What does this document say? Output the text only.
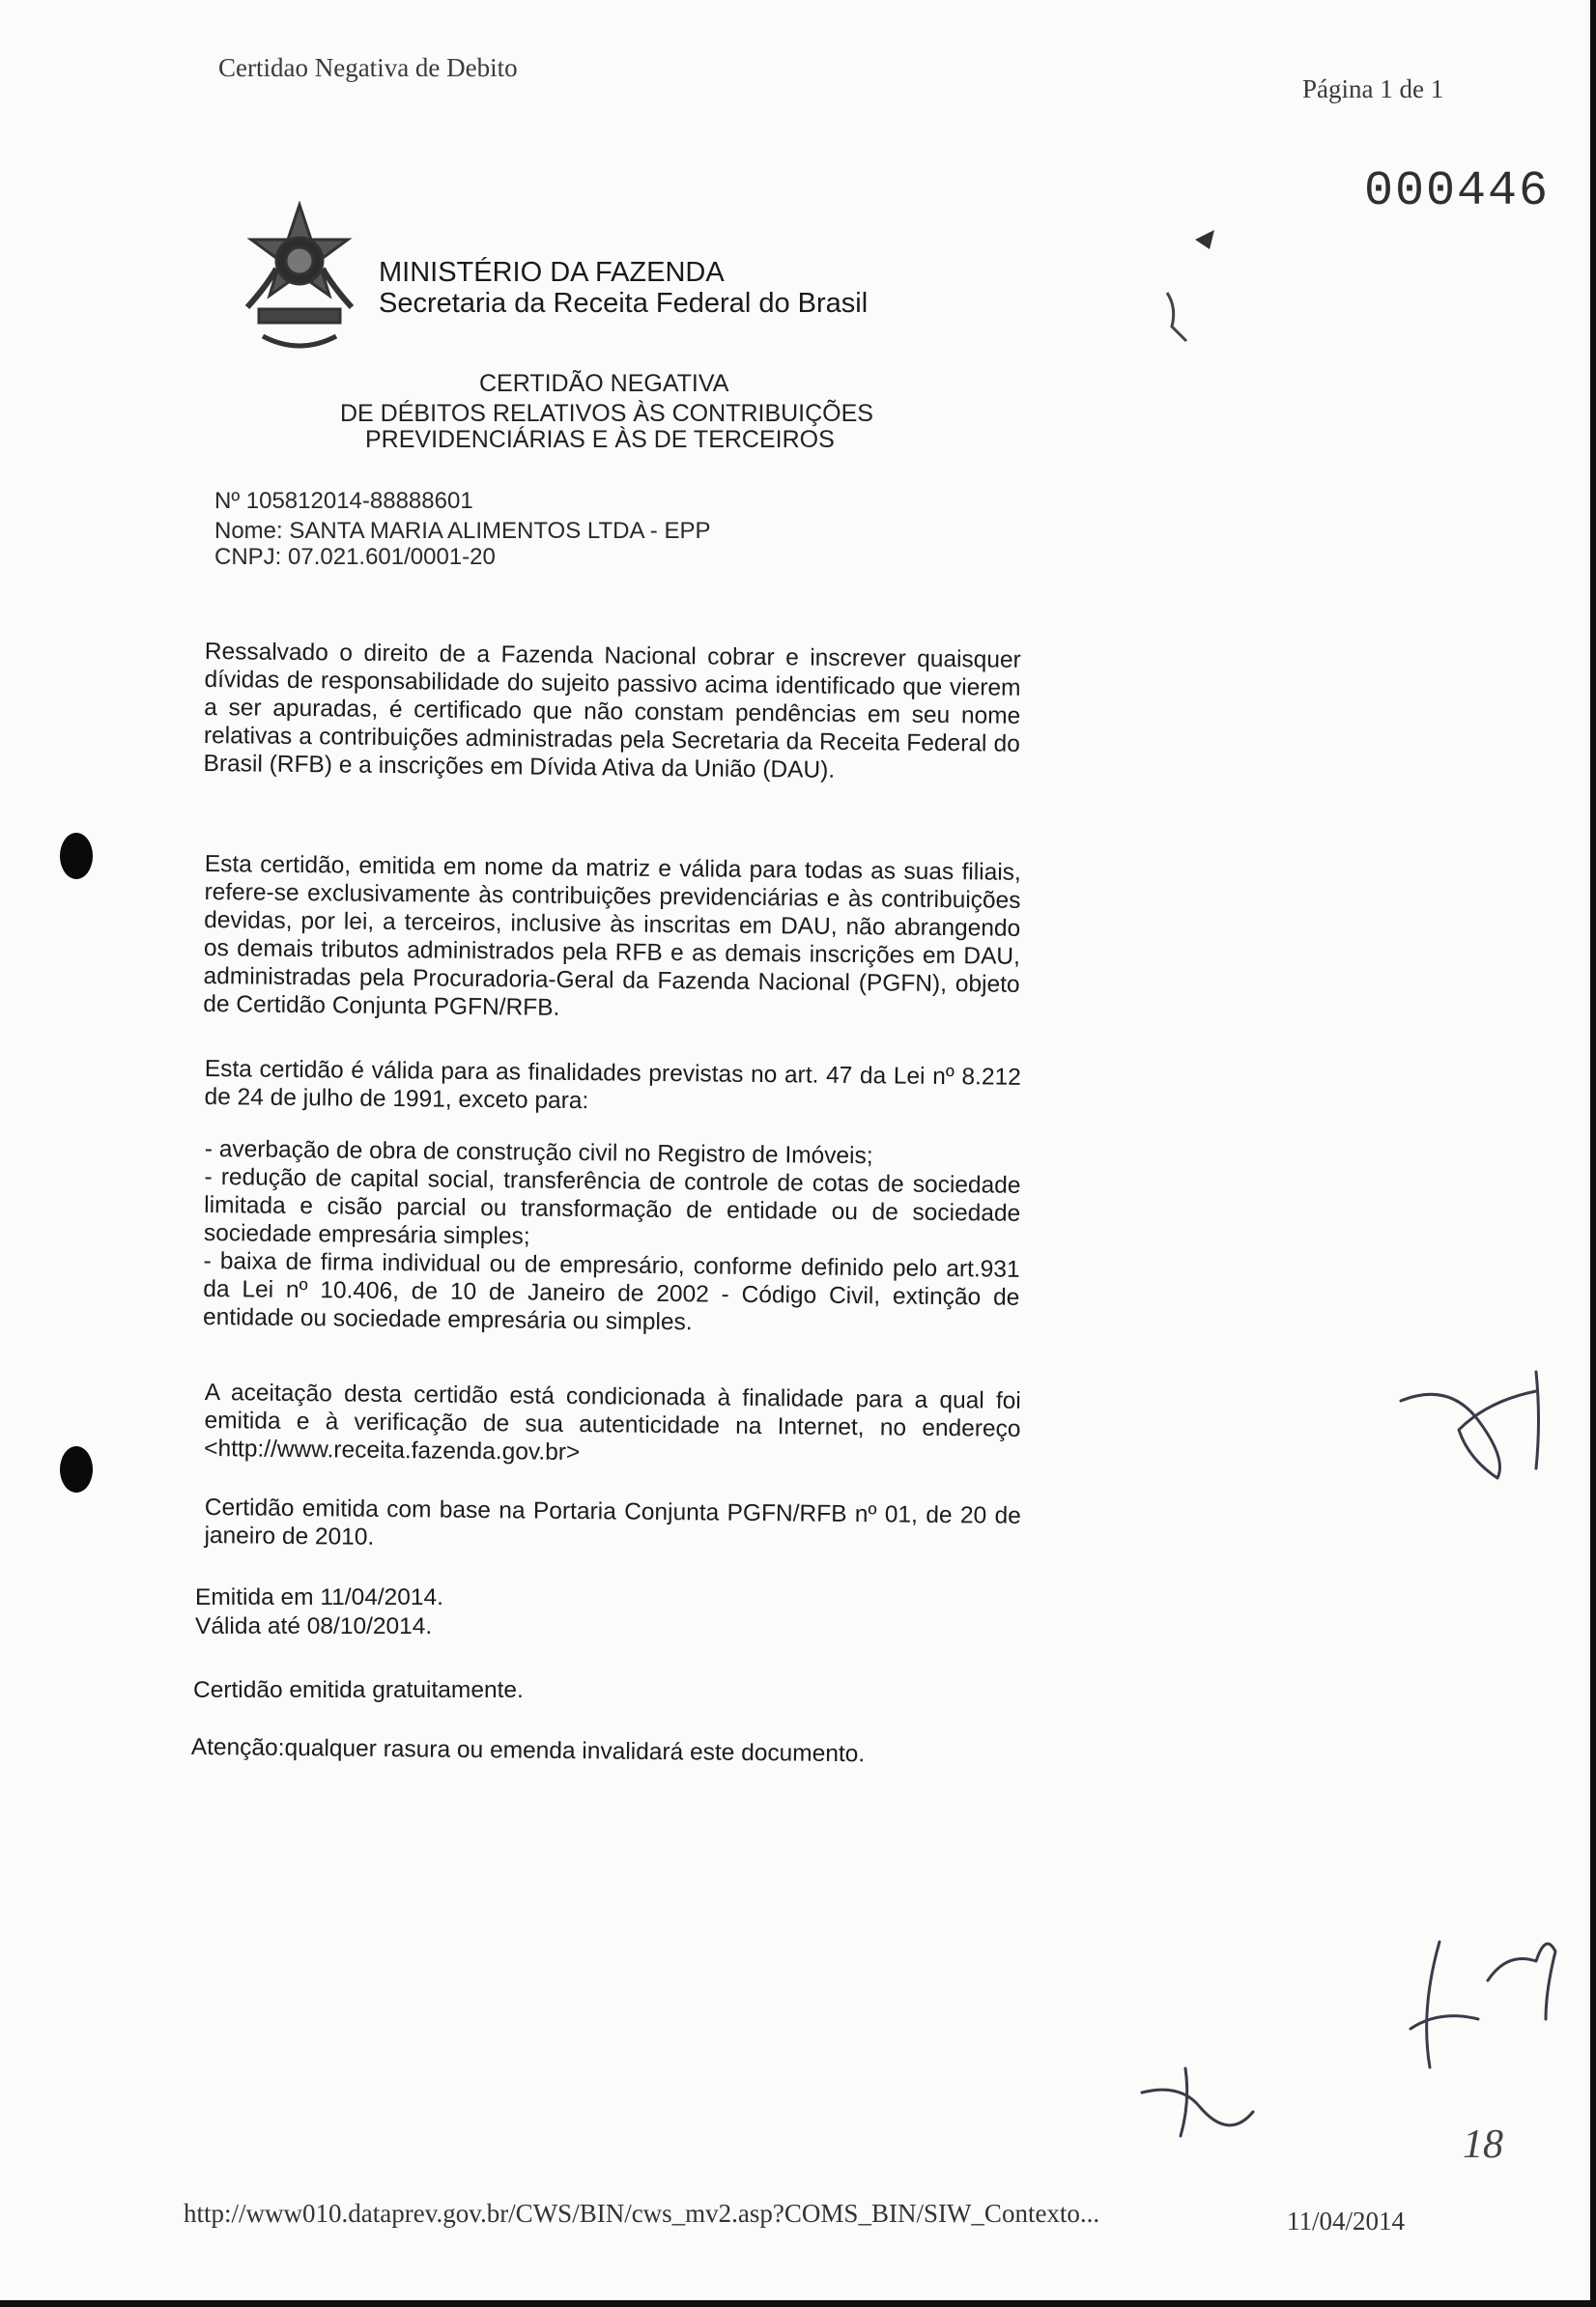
Certidao Negativa de Debito
Página 1 de 1
000446
MINISTÉRIO DA FAZENDA
Secretaria da Receita Federal do Brasil
CERTIDÃO NEGATIVA
DE DÉBITOS RELATIVOS ÀS CONTRIBUIÇÕES
PREVIDENCIÁRIAS E ÀS DE TERCEIROS
Nº 105812014-88888601
Nome: SANTA MARIA ALIMENTOS LTDA - EPP
CNPJ: 07.021.601/0001-20
Ressalvado o direito de a Fazenda Nacional cobrar e inscrever quaisquer dívidas de responsabilidade do sujeito passivo acima identificado que vierem a ser apuradas, é certificado que não constam pendências em seu nome relativas a contribuições administradas pela Secretaria da Receita Federal do Brasil (RFB) e a inscrições em Dívida Ativa da União (DAU).
Esta certidão, emitida em nome da matriz e válida para todas as suas filiais, refere-se exclusivamente às contribuições previdenciárias e às contribuições devidas, por lei, a terceiros, inclusive às inscritas em DAU, não abrangendo os demais tributos administrados pela RFB e as demais inscrições em DAU, administradas pela Procuradoria-Geral da Fazenda Nacional (PGFN), objeto de Certidão Conjunta PGFN/RFB.
Esta certidão é válida para as finalidades previstas no art. 47 da Lei nº 8.212 de 24 de julho de 1991, exceto para:
- averbação de obra de construção civil no Registro de Imóveis;
- redução de capital social, transferência de controle de cotas de sociedade limitada e cisão parcial ou transformação de entidade ou de sociedade sociedade empresária simples;
- baixa de firma individual ou de empresário, conforme definido pelo art.931 da Lei nº 10.406, de 10 de Janeiro de 2002 - Código Civil, extinção de entidade ou sociedade empresária ou simples.
A aceitação desta certidão está condicionada à finalidade para a qual foi emitida e à verificação de sua autenticidade na Internet, no endereço <http://www.receita.fazenda.gov.br>
Certidão emitida com base na Portaria Conjunta PGFN/RFB nº 01, de 20 de janeiro de 2010.
Emitida em 11/04/2014.
Válida até 08/10/2014.
Certidão emitida gratuitamente.
Atenção:qualquer rasura ou emenda invalidará este documento.
18
http://www010.dataprev.gov.br/CWS/BIN/cws_mv2.asp?COMS_BIN/SIW_Contexto...	11/04/2014
